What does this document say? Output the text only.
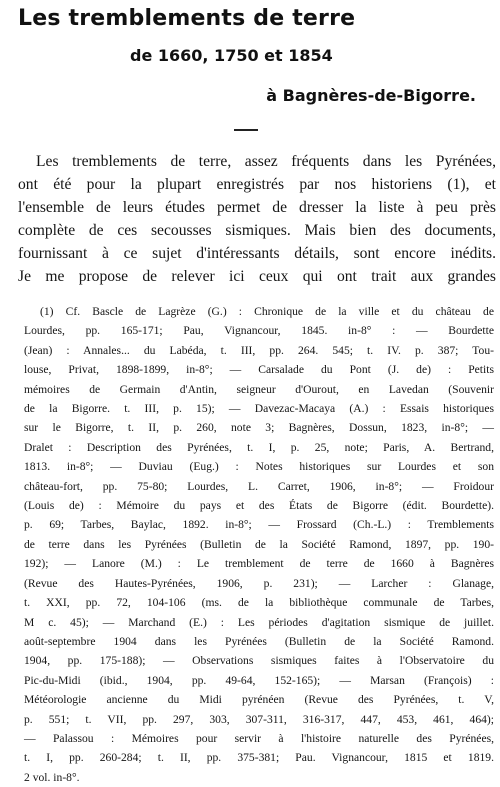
Les tremblements de terre
de 1660, 1750 et 1854
à Bagnères-de-Bigorre.
Les tremblements de terre, assez fréquents dans les Pyrénées,
ont été pour la plupart enregistrés par nos historiens (1), et
l'ensemble de leurs études permet de dresser la liste à peu près
complète de ces secousses sismiques. Mais bien des documents,
fournissant à ce sujet d'intéressants détails, sont encore inédits.
Je me propose de relever ici ceux qui ont trait aux grandes
(1) Cf. Bascle de Lagrèze (G.) : Chronique de la ville et du château de
Lourdes, pp. 165-171; Pau, Vignancour, 1845. in-8° : — Bourdette
(Jean) : Annales... du Labéda, t. III, pp. 264. 545; t. IV. p. 387; Tou-
louse, Privat, 1898-1899, in-8°; — Carsalade du Pont (J. de) : Petits
mémoires de Germain d'Antin, seigneur d'Ourout, en Lavedan (Souvenir
de la Bigorre. t. III, p. 15); — Davezac-Macaya (A.) : Essais historiques
sur le Bigorre, t. II, p. 260, note 3; Bagnères, Dossun, 1823, in-8°; —
Dralet : Description des Pyrénées, t. I, p. 25, note; Paris, A. Bertrand,
1813. in-8°; — Duviau (Eug.) : Notes historiques sur Lourdes et son
château-fort, pp. 75-80; Lourdes, L. Carret, 1906, in-8°; — Froidour
(Louis de) : Mémoire du pays et des États de Bigorre (édit. Bourdette).
p. 69; Tarbes, Baylac, 1892. in-8°; — Frossard (Ch.-L.) : Tremblements
de terre dans les Pyrénées (Bulletin de la Société Ramond, 1897, pp. 190-
192); — Lanore (M.) : Le tremblement de terre de 1660 à Bagnères
(Revue des Hautes-Pyrénées, 1906, p. 231); — Larcher : Glanage,
t. XXI, pp. 72, 104-106 (ms. de la bibliothèque communale de Tarbes,
M c. 45); — Marchand (E.) : Les périodes d'agitation sismique de juillet.
août-septembre 1904 dans les Pyrénées (Bulletin de la Société Ramond.
1904, pp. 175-188); — Observations sismiques faites à l'Observatoire du
Pic-du-Midi (ibid., 1904, pp. 49-64, 152-165); — Marsan (François) :
Météorologie ancienne du Midi pyrénéen (Revue des Pyrénées, t. V,
p. 551; t. VII, pp. 297, 303, 307-311, 316-317, 447, 453, 461, 464);
— Palassou : Mémoires pour servir à l'histoire naturelle des Pyrénées,
t. I, pp. 260-284; t. II, pp. 375-381; Pau. Vignancour, 1815 et 1819.
2 vol. in-8°.
